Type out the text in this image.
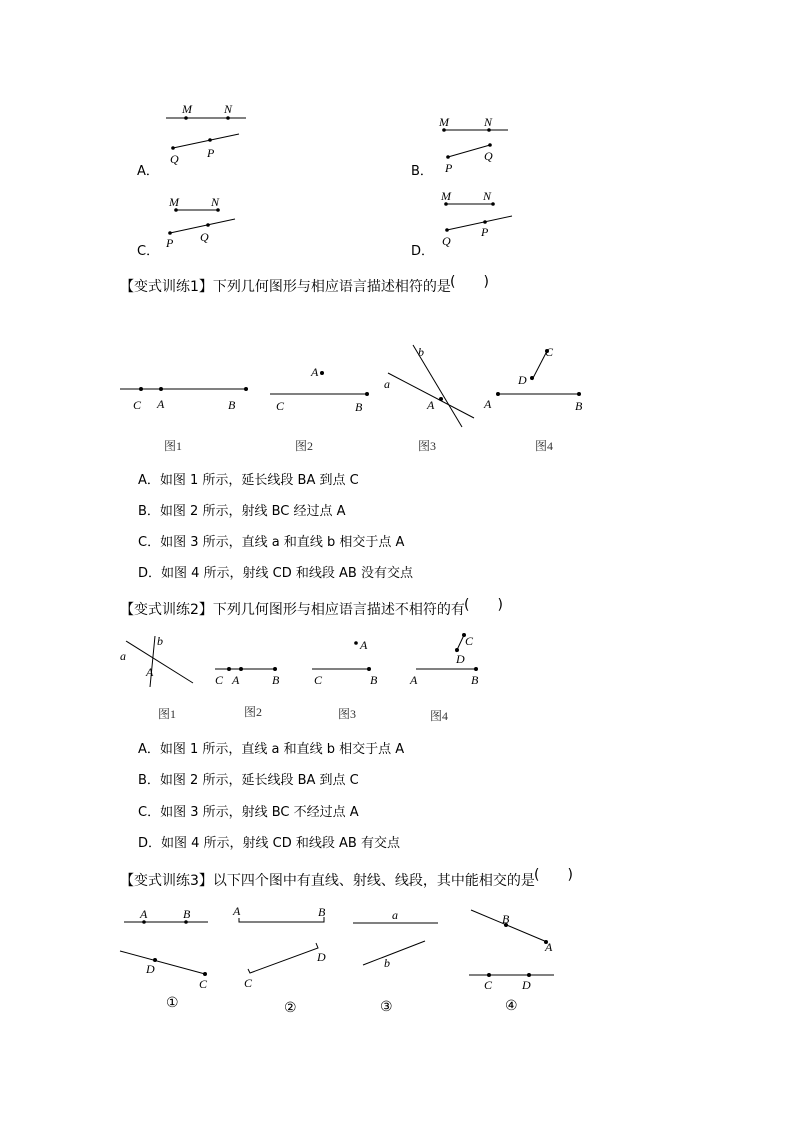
A．	B．
C．	D．
M	N
Q P
M	N
P
Q
M	N
P Q
M	N
Q
P
【变式训练1】下列几何图形与相应语言描述相符的是 (　　)
C A	B
A
C	B
b
a
A
C
D
A	B
图1	图2	图3	图4
A．如图 1 所示，延长线段 BA 到点 C
B．如图 2 所示，射线 BC 经过点 A
C．如图 3 所示，直线 a 和直线 b 相交于点 A
D．如图 4 所示，射线 CD 和线段 AB 没有交点
【变式训练2】下列几何图形与相应语言描述不相符的有 (　　)
b
a
A
C A	B
A
C	B
C
D
A	B
图1	图2	图3	图4
A．如图 1 所示，直线 a 和直线 b 相交于点 A
B．如图 2 所示，延长线段 BA 到点 C
C．如图 3 所示，射线 BC 不经过点 A
D．如图 4 所示，射线 CD 和线段 AB 有交点
【变式训练3】以下四个图中有直线、射线、线段，其中能相交的是 (　　)
A	B
D
C
A	B
D
C
a
b
B
A
C D
①	②	③	④
